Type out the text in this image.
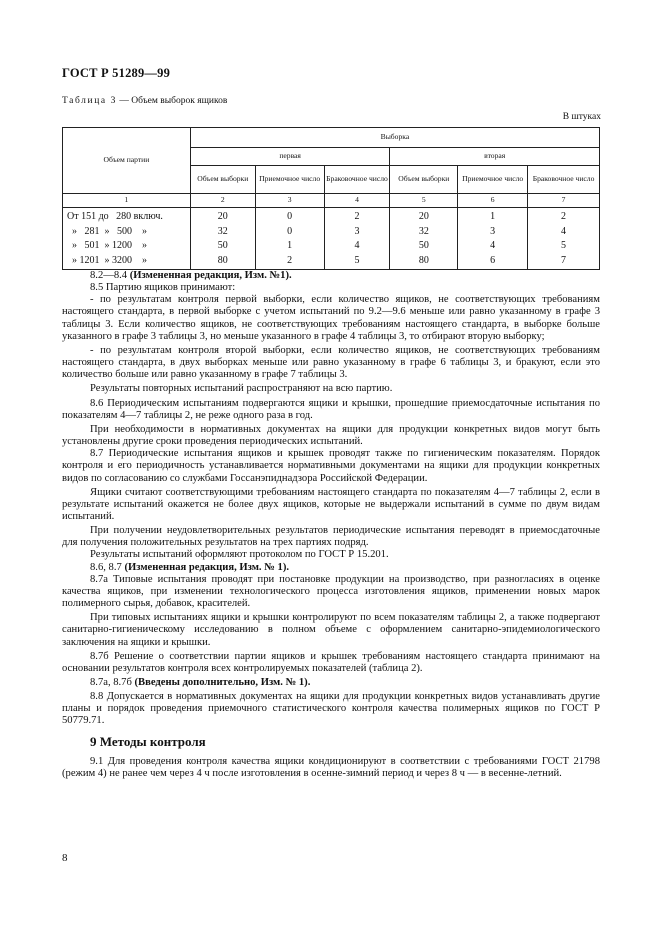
ГОСТ Р 51289—99
Таблица 3 — Объем выборок ящиков
В штуках
Объем партии	Выборка					
	первая			вторая		
	Объем выборки	Приемочное число	Браковочное число	Объем выборки	Приемочное число	Браковочное число
1	2	3	4	5	6	7
От 151 до   280 включ.	20	0	2	20	1	2
»   281  »   500    »	32	0	3	32	3	4
»   501  » 1200    »	50	1	4	50	4	5
» 1201  » 3200    »	80	2	5	80	6	7

8.2—8.4 (Измененная редакция, Изм. №1).

8.5 Партию ящиков принимают:

- по результатам контроля первой выборки, если количество ящиков, не соответствующих требованиям настоящего стандарта, в первой выборке с учетом испытаний по 9.2—9.6 меньше или равно указанному в графе 3 таблицы 3. Если количество ящиков, не соответствующих требованиям настоящего стандарта, в выборке больше указанного в графе 3 таблицы 3, но меньше указанного в графе 4 таблицы 3, то отбирают вторую выборку;

- по результатам контроля второй выборки, если количество ящиков, не соответствующих требованиям настоящего стандарта, в двух выборках меньше или равно указанному в графе 6 таблицы 3, и бракуют, если это количество больше или равно указанному в графе 7 таблицы 3.

Результаты повторных испытаний распространяют на всю партию.

8.6 Периодическим испытаниям подвергаются ящики и крышки, прошедшие приемосдаточные испытания по показателям 4—7 таблицы 2, не реже одного раза в год.

При необходимости в нормативных документах на ящики для продукции конкретных видов могут быть установлены другие сроки проведения периодических испытаний.

8.7 Периодические испытания ящиков и крышек проводят также по гигиеническим показателям. Порядок контроля и его периодичность устанавливается нормативными документами на ящики для продукции конкретных видов по согласованию со службами Госсанэпиднадзора Российской Федерации.

Ящики считают соответствующими требованиям настоящего стандарта по показателям 4—7 таблицы 2, если в результате испытаний окажется не более двух ящиков, которые не выдержали испытаний в сумме по двум видам испытаний.

При получении неудовлетворительных результатов периодические испытания переводят в приемосдаточные для получения положительных результатов на трех партиях подряд.

Результаты испытаний оформляют протоколом по ГОСТ Р 15.201.

8.6, 8.7 (Измененная редакция, Изм. № 1).

8.7а Типовые испытания проводят при постановке продукции на производство, при разногласиях в оценке качества ящиков, при изменении технологического процесса изготовления ящиков, применении новых марок полимерного сырья, добавок, красителей.

При типовых испытаниях ящики и крышки контролируют по всем показателям таблицы 2, а также подвергают санитарно-гигиеническому исследованию в полном объеме с оформлением санитарно-эпидемиологического заключения на ящики и крышки.

8.7б Решение о соответствии партии ящиков и крышек требованиям настоящего стандарта принимают на основании результатов контроля всех контролируемых показателей (таблица 2).

8.7а, 8.7б (Введены дополнительно, Изм. № 1).

8.8 Допускается в нормативных документах на ящики для продукции конкретных видов устанавливать другие планы и порядок проведения приемочного статистического контроля качества полимерных ящиков по ГОСТ Р 50779.71.

9 Методы контроля

9.1 Для проведения контроля качества ящики кондиционируют в соответствии с требованиями ГОСТ 21798 (режим 4) не ранее чем через 4 ч после изготовления в осенне-зимний период и через 8 ч — в весенне-летний.

8
